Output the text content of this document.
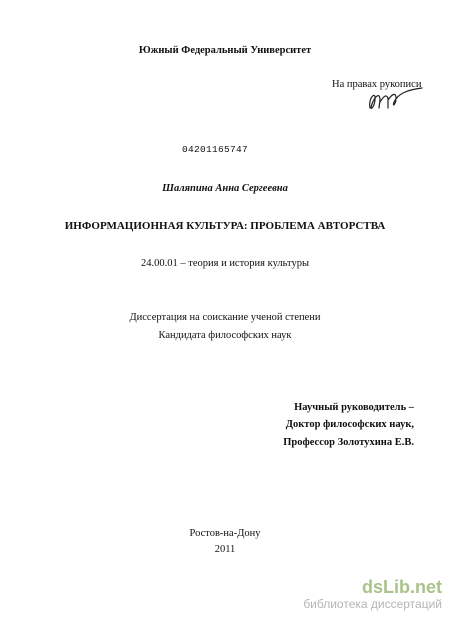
Южный Федеральный Университет
На правах рукописи
04201165747
Шаляпина Анна Сергеевна
ИНФОРМАЦИОННАЯ КУЛЬТУРА: ПРОБЛЕМА АВТОРСТВА
24.00.01 – теория и история культуры
Диссертация на соискание ученой степени
Кандидата философских наук
Научный руководитель –
Доктор философских наук,
Профессор Золотухина Е.В.
Ростов-на-Дону
2011
dsLib.net
библиотека диссертаций
